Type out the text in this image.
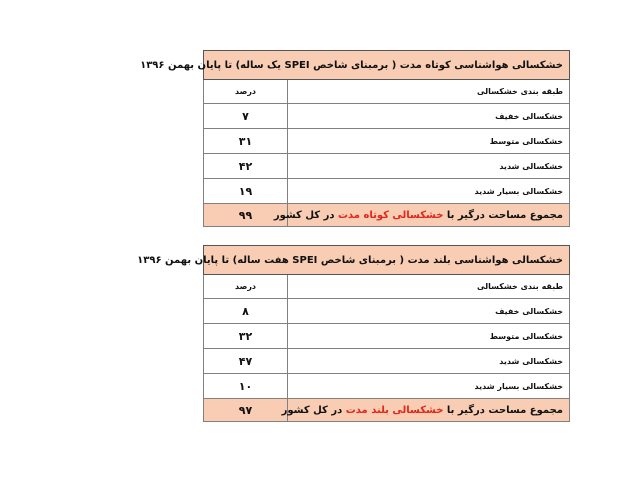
خشکسالی هواشناسی کوتاه مدت ( برمبنای شاخص SPEI یک ساله) تا پایان بهمن ۱۳۹۶	
طبقه بندی خشکسالی	درصد
خشکسالی خفیف	۷
خشکسالی متوسط	۳۱
خشکسالی شدید	۴۲
خشکسالی بسیار شدید	۱۹
مجموع مساحت درگیر با خشکسالی کوتاه مدت در کل کشور	۹۹
خشکسالی هواشناسی بلند مدت ( برمبنای شاخص SPEI هفت ساله) تا پایان بهمن ۱۳۹۶	
طبقه بندی خشکسالی	درصد
خشکسالی خفیف	۸
خشکسالی متوسط	۳۲
خشکسالی شدید	۴۷
خشکسالی بسیار شدید	۱۰
مجموع مساحت درگیر با خشکسالی بلند مدت در کل کشور	۹۷
